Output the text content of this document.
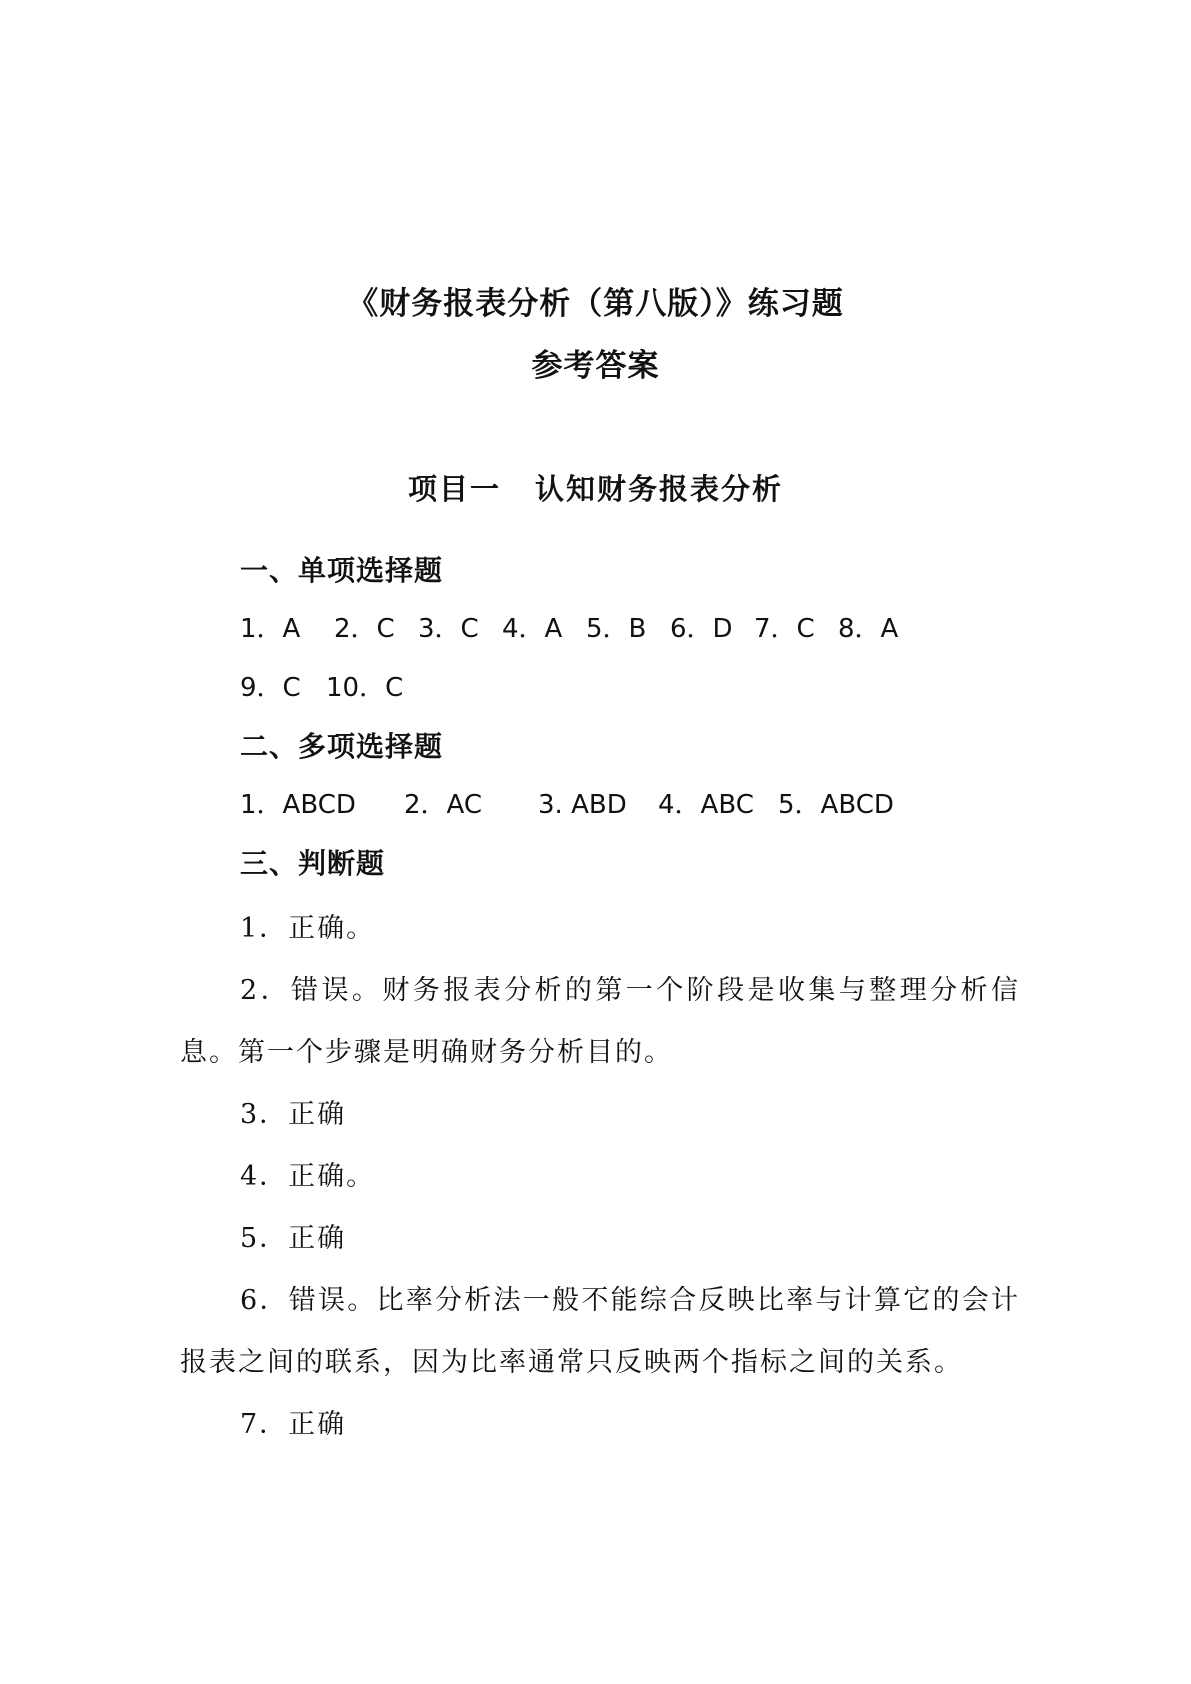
《财务报表分析（第八版）》练习题
参考答案
项目一 认知财务报表分析
一、单项选择题
1．A 2．C 3．C 4．A 5．B 6．D 7．C 8．A
9．C 10．C
二、多项选择题
1．ABCD 2．AC 3. ABD 4．ABC 5．ABCD
三、判断题
1．正确。
2．错误。财务报表分析的第一个阶段是收集与整理分析信息。第一个步骤是明确财务分析目的。
3．正确
4．正确。
5．正确
6．错误。比率分析法一般不能综合反映比率与计算它的会计报表之间的联系，因为比率通常只反映两个指标之间的关系。
7．正确
